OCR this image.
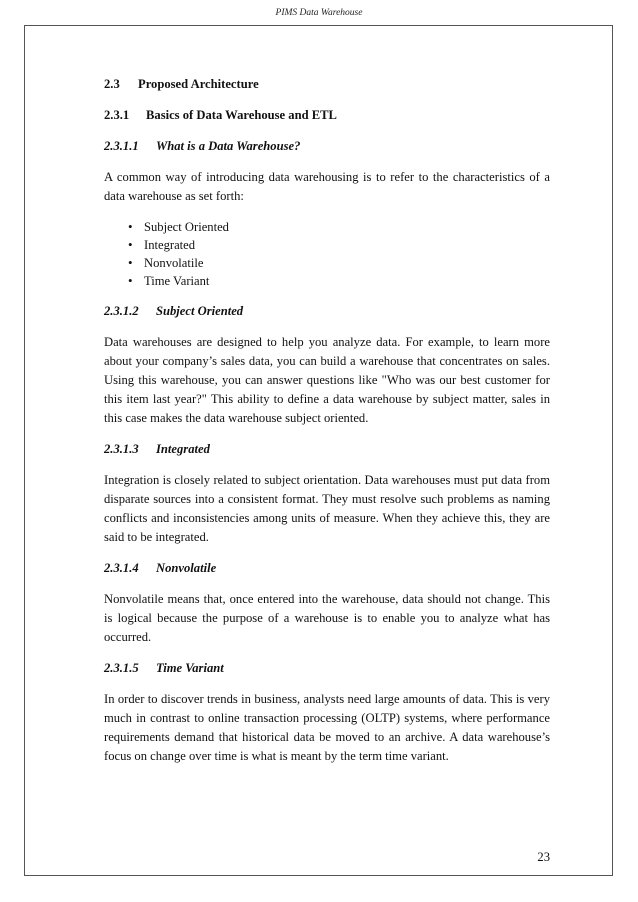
PIMS Data Warehouse
2.3 Proposed Architecture
2.3.1 Basics of Data Warehouse and ETL
2.3.1.1 What is a Data Warehouse?

A common way of introducing data warehousing is to refer to the characteristics of a data warehouse as set forth:

• Subject Oriented
• Integrated
• Nonvolatile
• Time Variant
2.3.1.2 Subject Oriented

Data warehouses are designed to help you analyze data. For example, to learn more about your company’s sales data, you can build a warehouse that concentrates on sales. Using this warehouse, you can answer questions like "Who was our best customer for this item last year?" This ability to define a data warehouse by subject matter, sales in this case makes the data warehouse subject oriented.

2.3.1.3 Integrated

Integration is closely related to subject orientation. Data warehouses must put data from disparate sources into a consistent format. They must resolve such problems as naming conflicts and inconsistencies among units of measure. When they achieve this, they are said to be integrated.

2.3.1.4 Nonvolatile

Nonvolatile means that, once entered into the warehouse, data should not change. This is logical because the purpose of a warehouse is to enable you to analyze what has occurred.

2.3.1.5 Time Variant

In order to discover trends in business, analysts need large amounts of data. This is very much in contrast to online transaction processing (OLTP) systems, where performance requirements demand that historical data be moved to an archive. A data warehouse’s focus on change over time is what is meant by the term time variant.

23
